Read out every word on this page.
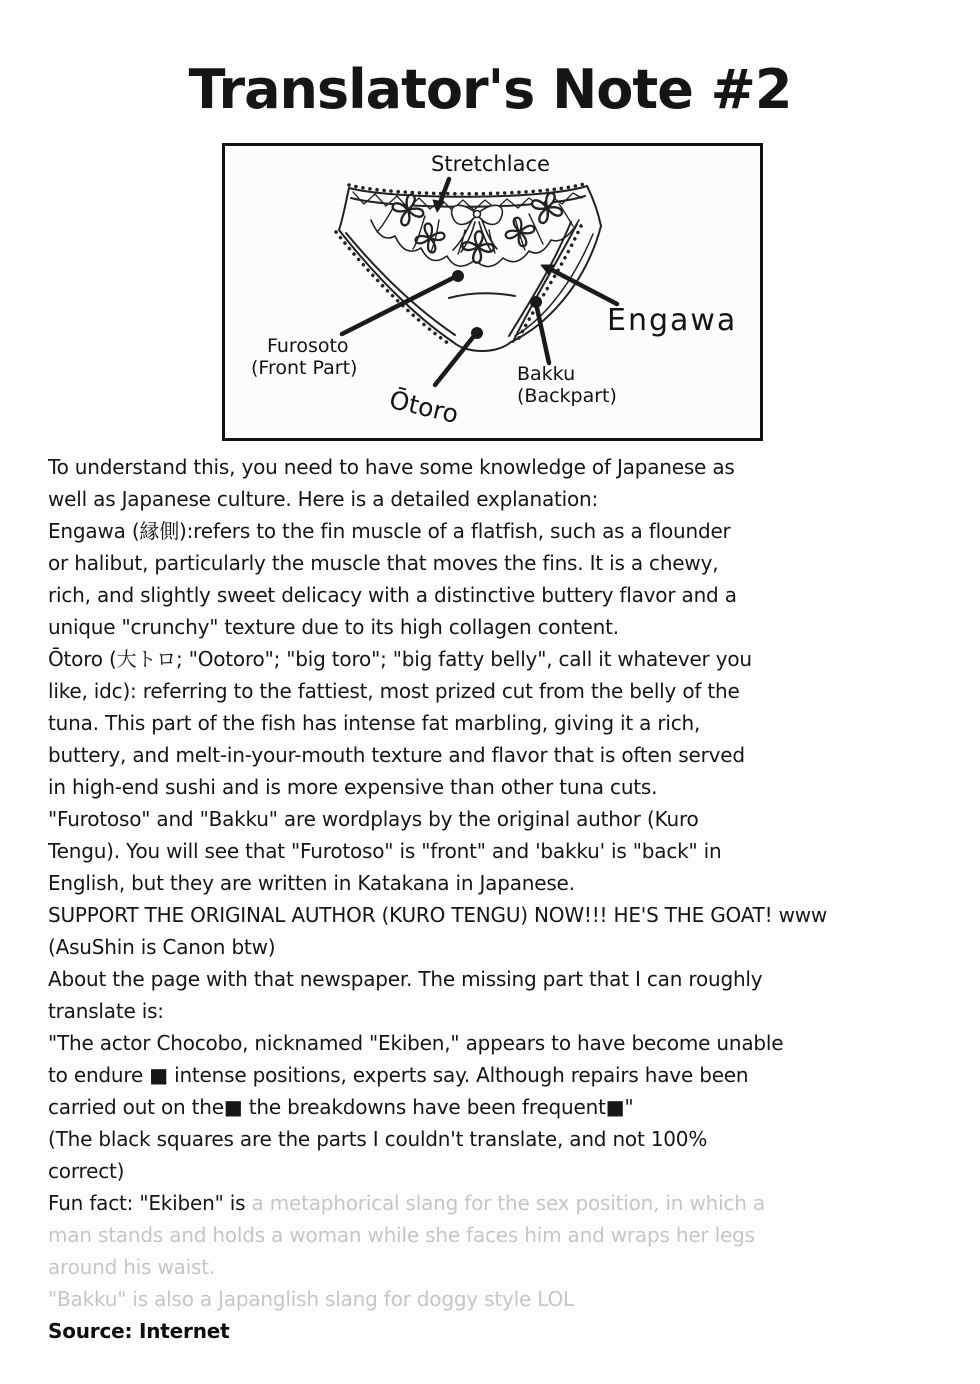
Translator's Note #2
Stretchlace
Engawa
Furosoto
(Front Part)
Ōtoro
Bakku
(Backpart)
To understand this, you need to have some knowledge of Japanese as
well as Japanese culture. Here is a detailed explanation:
Engawa (縁側):refers to the fin muscle of a flatfish, such as a flounder
or halibut, particularly the muscle that moves the fins. It is a chewy,
rich, and slightly sweet delicacy with a distinctive buttery flavor and a
unique "crunchy" texture due to its high collagen content.
Ōtoro (大トロ; "Ootoro"; "big toro"; "big fatty belly", call it whatever you
like, idc): referring to the fattiest, most prized cut from the belly of the
tuna. This part of the fish has intense fat marbling, giving it a rich,
buttery, and melt-in-your-mouth texture and flavor that is often served
in high-end sushi and is more expensive than other tuna cuts.
"Furotoso" and "Bakku" are wordplays by the original author (Kuro
Tengu). You will see that "Furotoso" is "front" and 'bakku' is "back" in
English, but they are written in Katakana in Japanese.
SUPPORT THE ORIGINAL AUTHOR (KURO TENGU) NOW!!! HE'S THE GOAT! www
(AsuShin is Canon btw)
About the page with that newspaper. The missing part that I can roughly
translate is:
"The actor Chocobo, nicknamed "Ekiben," appears to have become unable
to endure ■ intense positions, experts say. Although repairs have been
carried out on the■ the breakdowns have been frequent■"
(The black squares are the parts I couldn't translate, and not 100%
correct)
Fun fact: "Ekiben" is a metaphorical slang for the sex position, in which a
man stands and holds a woman while she faces him and wraps her legs
around his waist.
"Bakku" is also a Japanglish slang for doggy style LOL
Source: Internet
